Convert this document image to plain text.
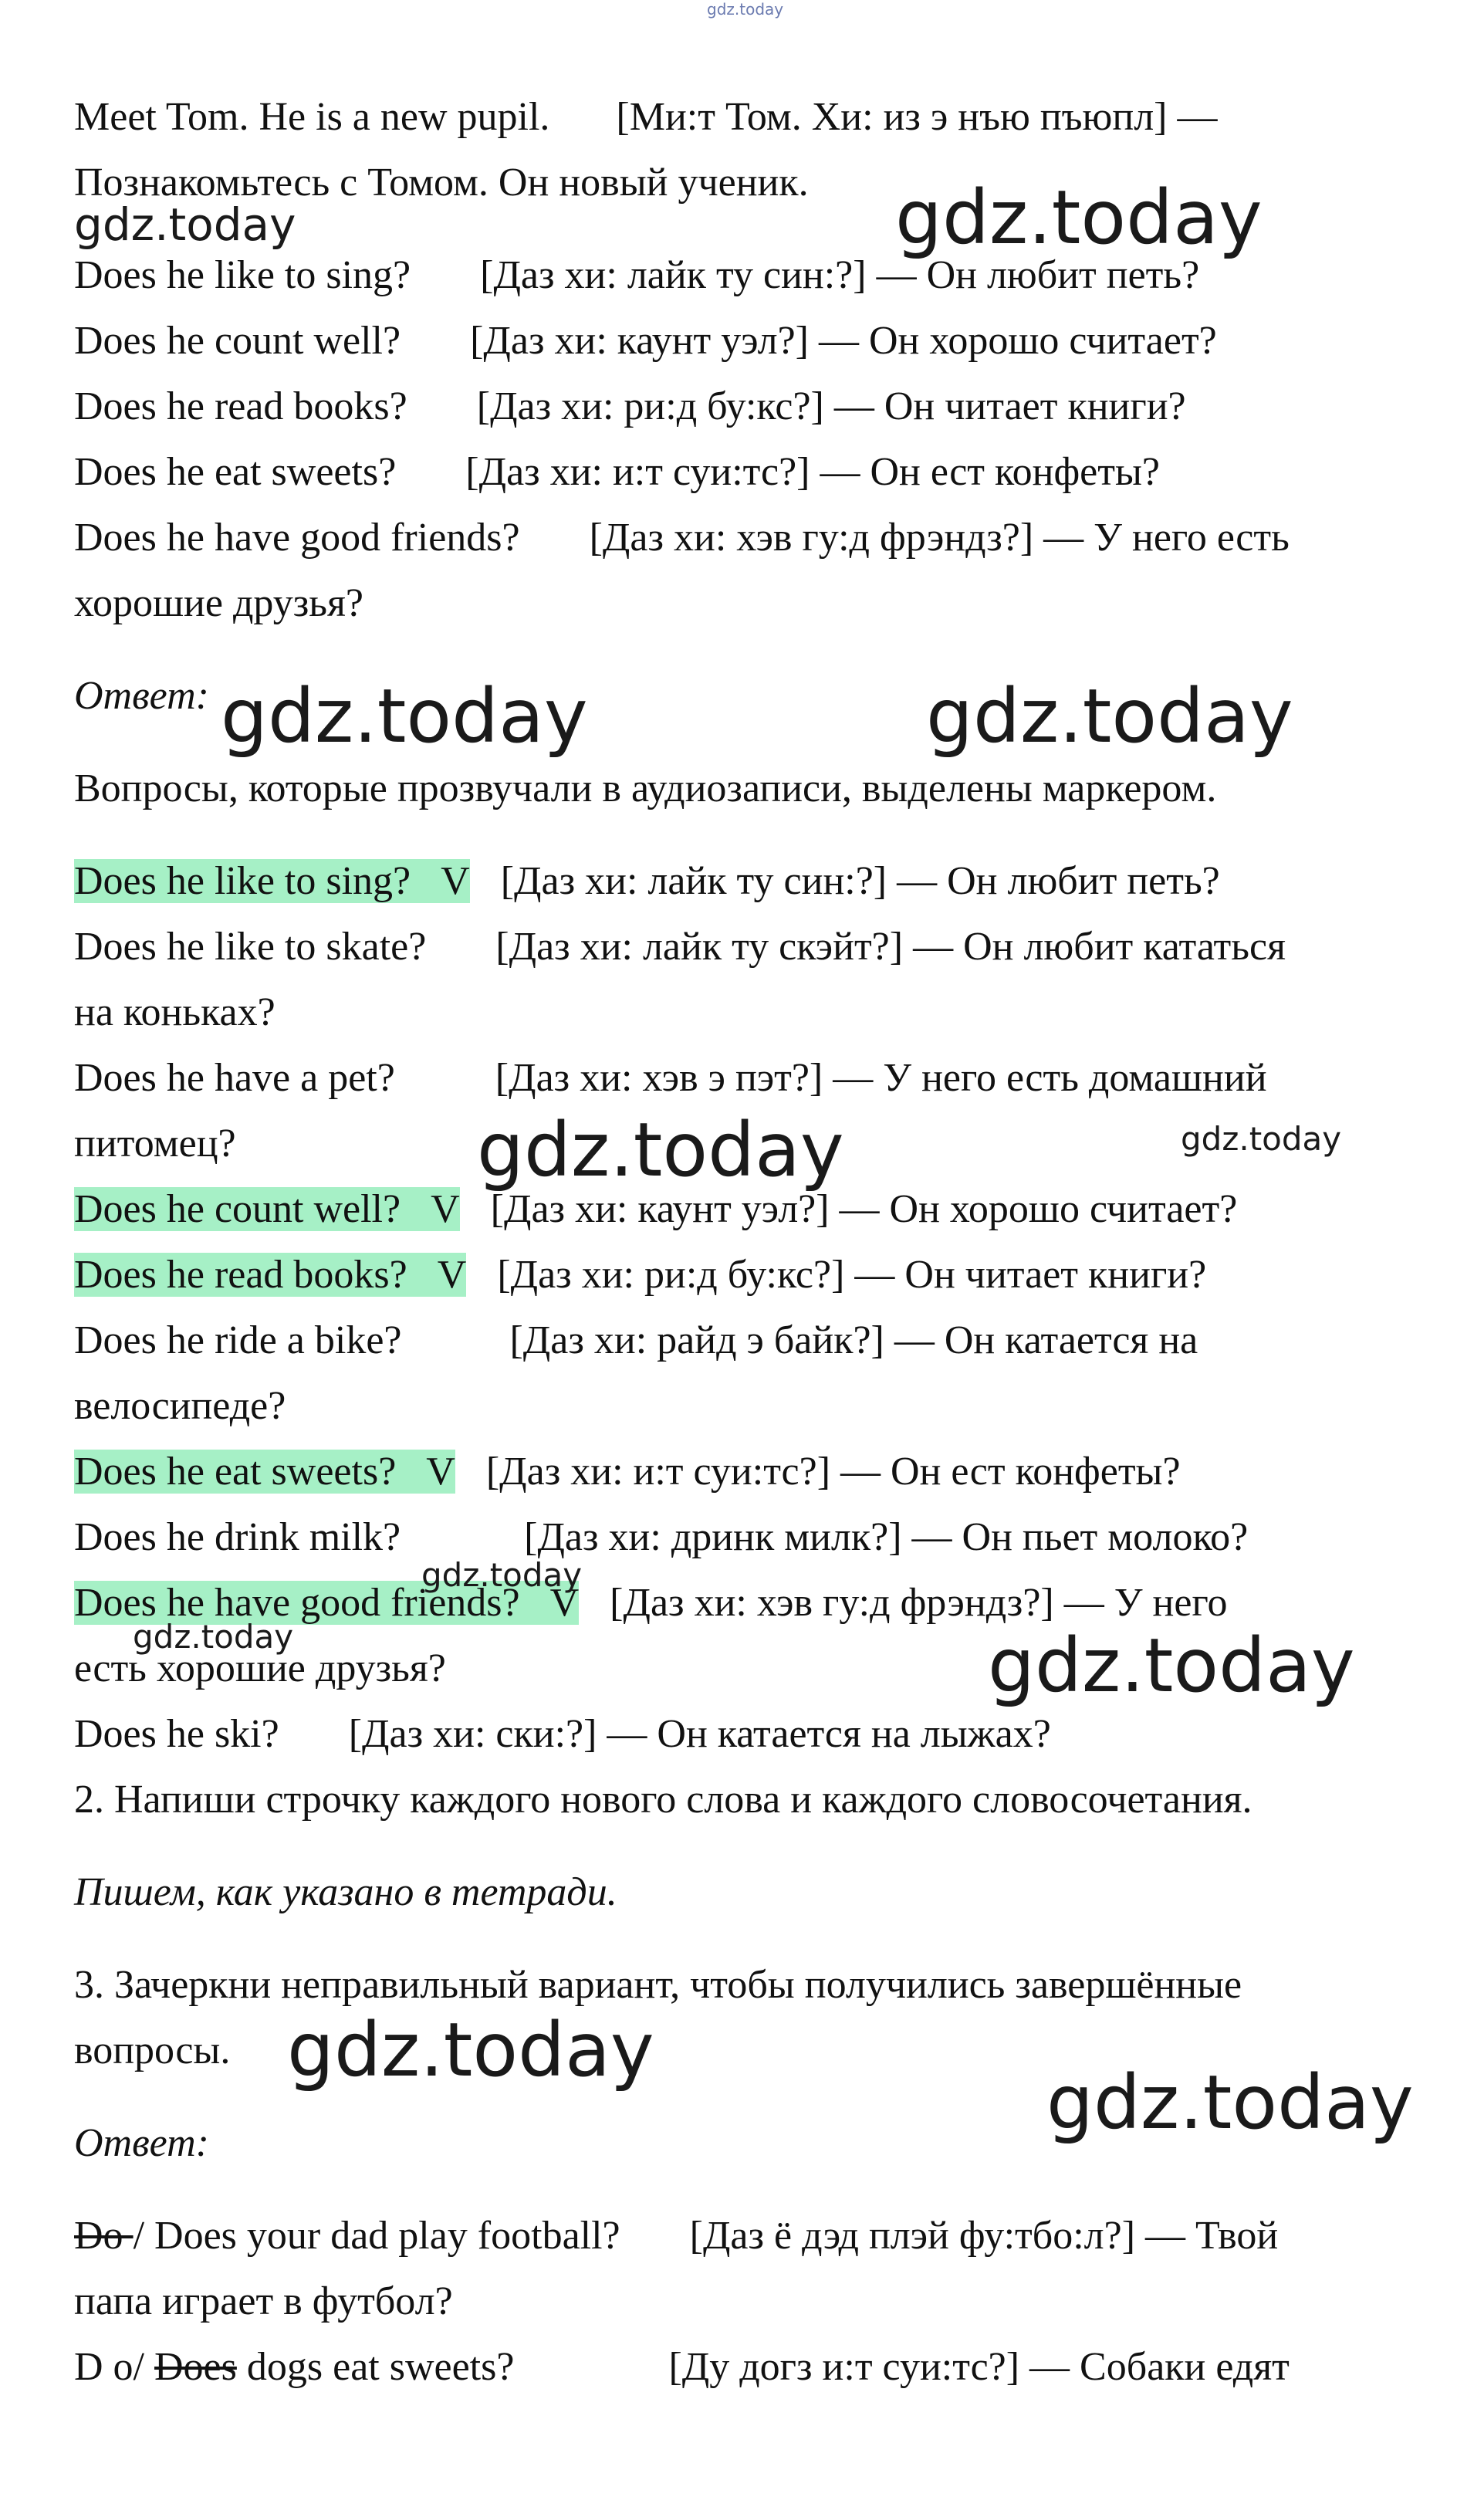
gdz.today
Meet Tom. He is a new pupil. [Ми:т Том. Хи: из э нъю пъюпл] —
Познакомьтесь с Томом. Он новый ученик.
Does he like to sing? [Даз хи: лайк ту син:?] — Он любит петь?
Does he count well? [Даз хи: каунт уэл?] — Он хорошо считает?
Does he read books? [Даз хи: ри:д бу:кс?] — Он читает книги?
Does he eat sweets? [Даз хи: и:т суи:тс?] — Он ест конфеты?
Does he have good friends? [Даз хи: хэв гу:д фрэндз?] — У него есть
хорошие друзья?
Ответ:
Вопросы, которые прозвучали в аудиозаписи, выделены маркером.
Does he like to sing? V [Даз хи: лайк ту син:?] — Он любит петь?
Does he like to skate? [Даз хи: лайк ту скэйт?] — Он любит кататься
на коньках?
Does he have a pet?	[Даз хи: хэв э пэт?] — У него есть домашний
питомец?
Does he count well? V [Даз хи: каунт уэл?] — Он хорошо считает?
Does he read books? V [Даз хи: ри:д бу:кс?] — Он читает книги?
Does he ride a bike?	[Даз хи: райд э байк?] — Он катается на
велосипеде?
Does he eat sweets? V [Даз хи: и:т суи:тс?] — Он ест конфеты?
Does he drink milk?	[Даз хи: дринк милк?] — Он пьет молоко?
Does he have good friends? V [Даз хи: хэв гу:д фрэндз?] — У него
есть хорошие друзья?
Does he ski? [Даз хи: ски:?] — Он катается на лыжах?
2. Напиши строчку каждого нового слова и каждого словосочетания.
Пишем, как указано в тетради.
3. Зачеркни неправильный вариант, чтобы получились завершённые
вопросы.
Ответ:
Do / Does your dad play football? [Даз ё дэд плэй фу:тбо:л?] — Твой
папа играет в футбол?
D o/ Does dogs eat sweets?	[Ду догз и:т суи:тс?] — Собаки едят
gdz.today	gdz.today
gdz.today	gdz.today
gdz.today	gdz.today
gdz.today
gdz.today	gdz.today
gdz.today
gdz.today
